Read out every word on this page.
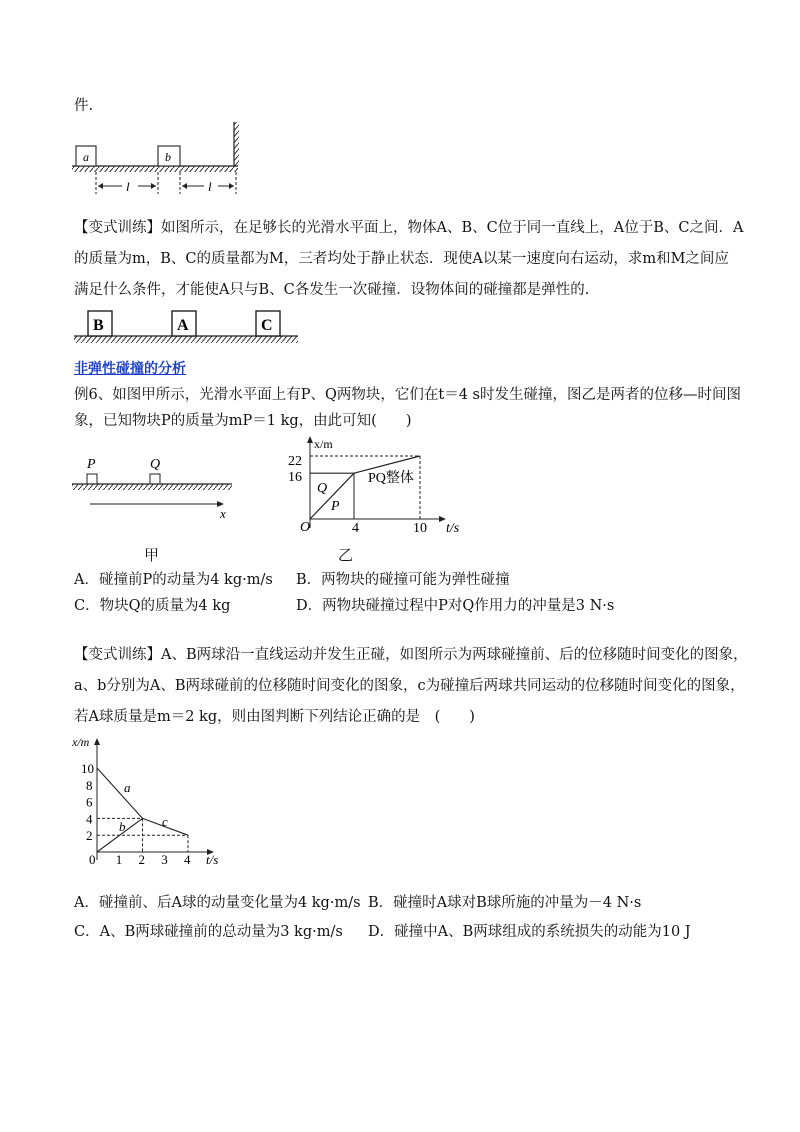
件.
a	b
l	l
【变式训练】如图所示，在足够长的光滑水平面上，物体A、B、C位于同一直线上，A位于B、C之间．A
的质量为m，B、C的质量都为M，三者均处于静止状态．现使A以某一速度向右运动，求m和M之间应
满足什么条件，才能使A只与B、C各发生一次碰撞．设物体间的碰撞都是弹性的.
B	A	C
非弹性碰撞的分析
例6、如图甲所示，光滑水平面上有P、Q两物块，它们在t＝4 s时发生碰撞，图乙是两者的位移—时间图
象，已知物块P的质量为mP＝1 kg，由此可知(　　)
P	Q
x
甲
x/m
t/s
O
22
16
4	10
Q
P
PQ整体
乙
A．碰撞前P的动量为4 kg·m/s B．两物块的碰撞可能为弹性碰撞
C．物块Q的质量为4 kg	D．两物块碰撞过程中P对Q作用力的冲量是3 N·s
【变式训练】A、B两球沿一直线运动并发生正碰，如图所示为两球碰撞前、后的位移随时间变化的图象，
a、b分别为A、B两球碰前的位移随时间变化的图象，c为碰撞后两球共同运动的位移随时间变化的图象，
若A球质量是m＝2 kg，则由图判断下列结论正确的是　(　　)
x/m
t/s
0
10
8
6
4
2
1 2 3 4
a
b	c
A．碰撞前、后A球的动量变化量为4 kg·m/s B．碰撞时A球对B球所施的冲量为－4 N·s
C．A、B两球碰撞前的总动量为3 kg·m/s D．碰撞中A、B两球组成的系统损失的动能为10 J
